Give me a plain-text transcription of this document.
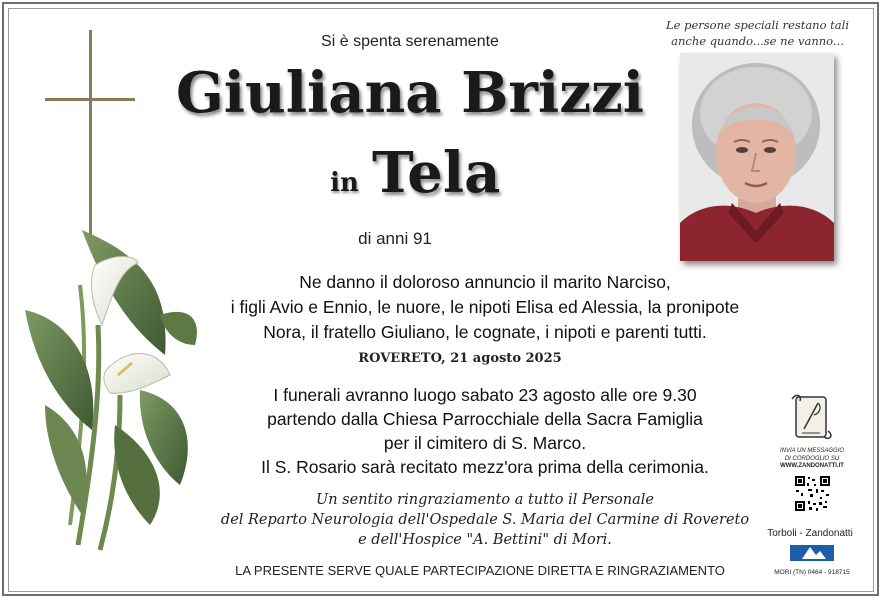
Si è spenta serenamente
Giuliana Brizzi
in Tela
di anni 91
Ne danno il doloroso annuncio il marito Narciso,
i figli Avio e Ennio, le nuore, le nipoti Elisa ed Alessia, la pronipote
Nora, il fratello Giuliano, le cognate, i nipoti e parenti tutti.
ROVERETO, 21 agosto 2025
I funerali avranno luogo sabato 23 agosto alle ore 9.30
partendo dalla Chiesa Parrocchiale della Sacra Famiglia
per il cimitero di S. Marco.
Il S. Rosario sarà recitato mezz'ora prima della cerimonia.
Un sentito ringraziamento a tutto il Personale
del Reparto Neurologia dell'Ospedale S. Maria del Carmine di Rovereto
e dell'Hospice "A. Bettini" di Mori.
LA PRESENTE SERVE QUALE PARTECIPAZIONE DIRETTA E RINGRAZIAMENTO
Le persone speciali restano tali
anche quando...se ne vanno...
INVIA UN MESSAGGIO
DI CORDOGLIO SU
WWW.ZANDONATTI.IT
Torboli - Zandonatti
MORI (TN) 0464 - 918715
